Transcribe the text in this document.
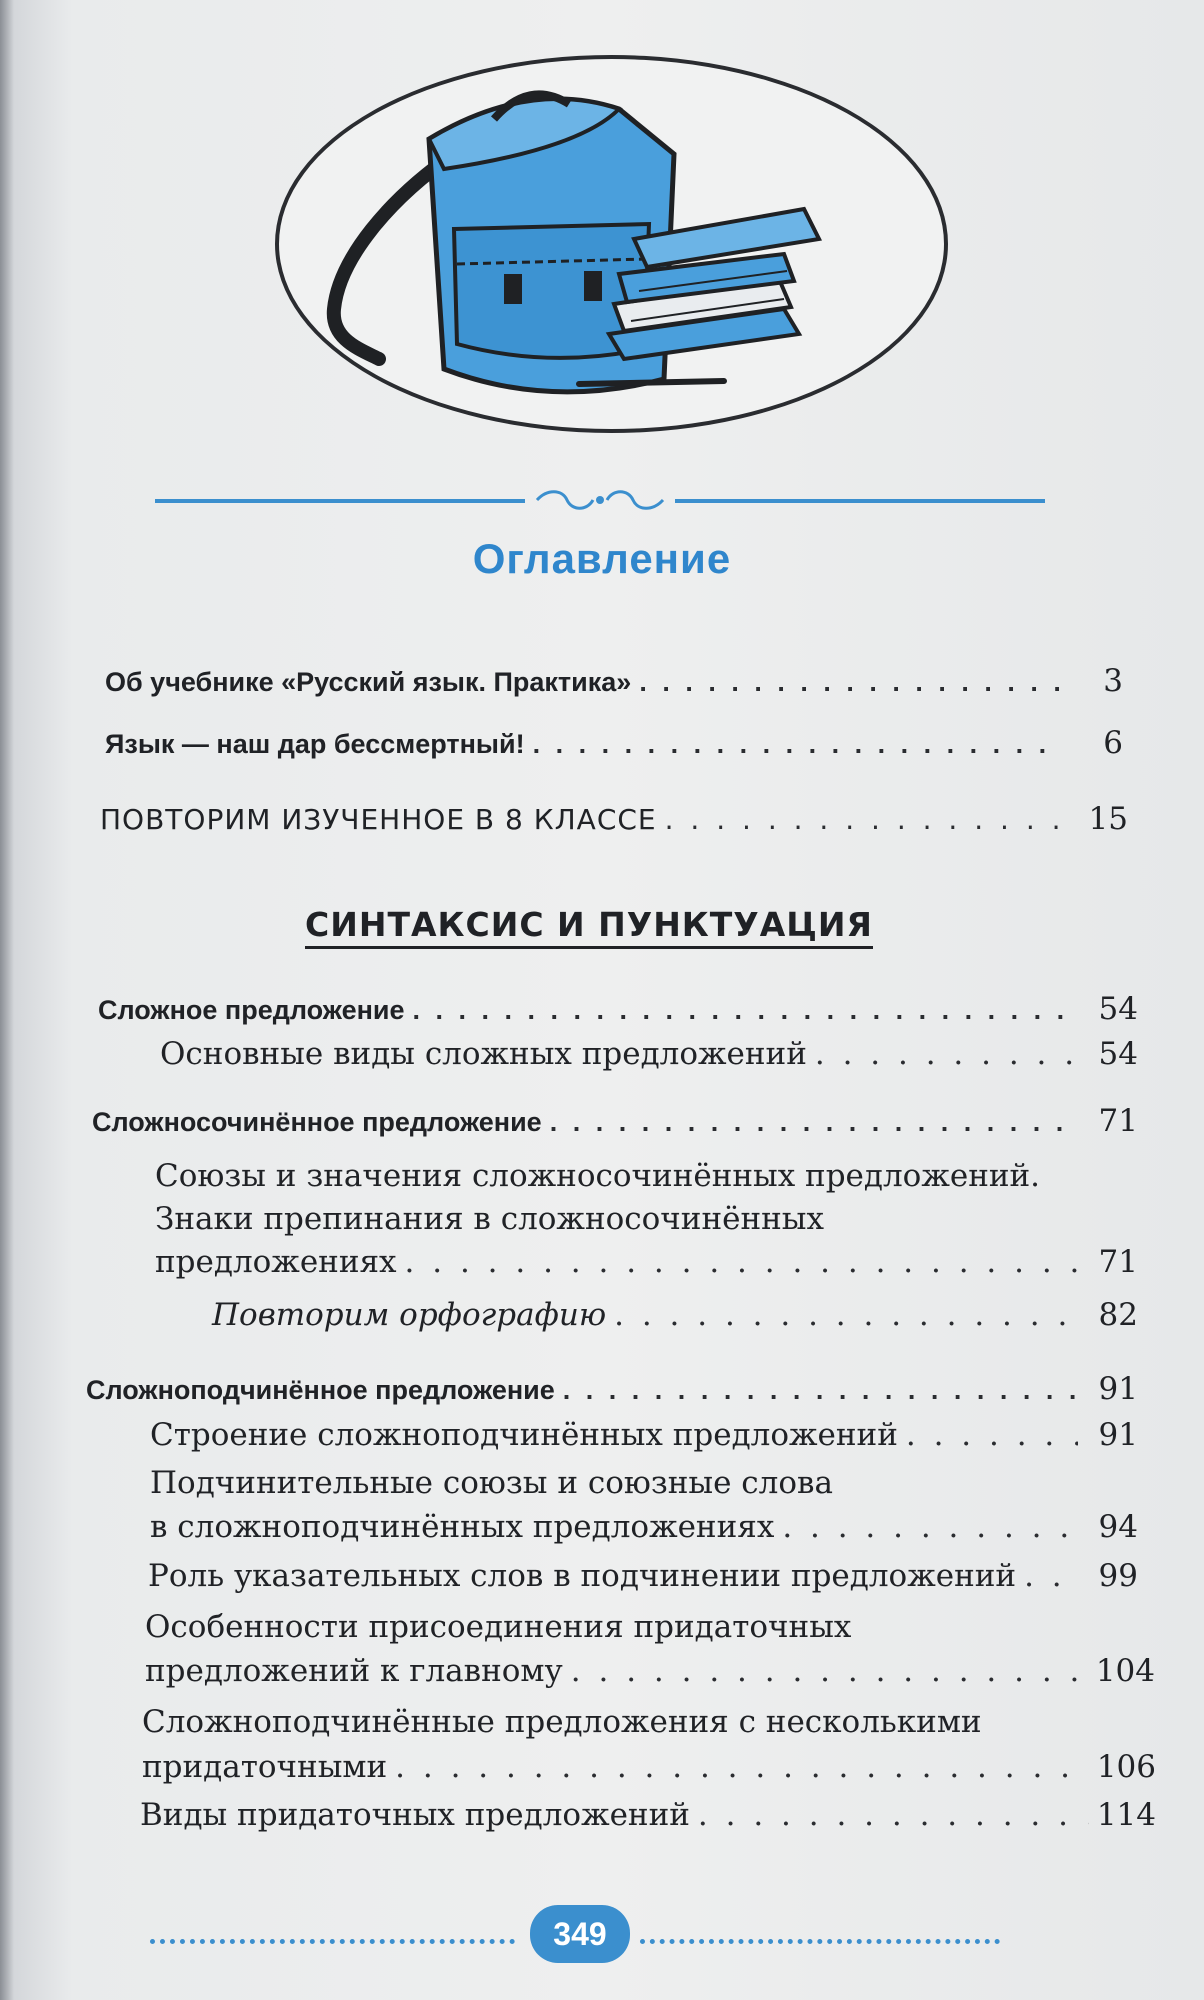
Оглавление
Об учебнике «Русский язык. Практика» . . .	3
Язык — наш дар бессмертный! . . .	6
ПОВТОРИМ ИЗУЧЕННОЕ В 8 КЛАССЕ . . .	15
СИНТАКСИС И ПУНКТУАЦИЯ
Сложное предложение . . .	54
Основные виды сложных предложений . . .	54
Сложносочинённое предложение . . .	71
Союзы и значения сложносочинённых предложений.
Знаки препинания в сложносочинённых
предложениях . . .	71
Повторим орфографию . . .	82
Сложноподчинённое предложение . . .	91
Строение сложноподчинённых предложений . . .	91
Подчинительные союзы и союзные слова
в сложноподчинённых предложениях . . .	94
Роль указательных слов в подчинении предложений . . .	99
Особенности присоединения придаточных
предложений к главному . . .	104
Сложноподчинённые предложения с несколькими
придаточными . . .	106
Виды придаточных предложений . . .	114
349
